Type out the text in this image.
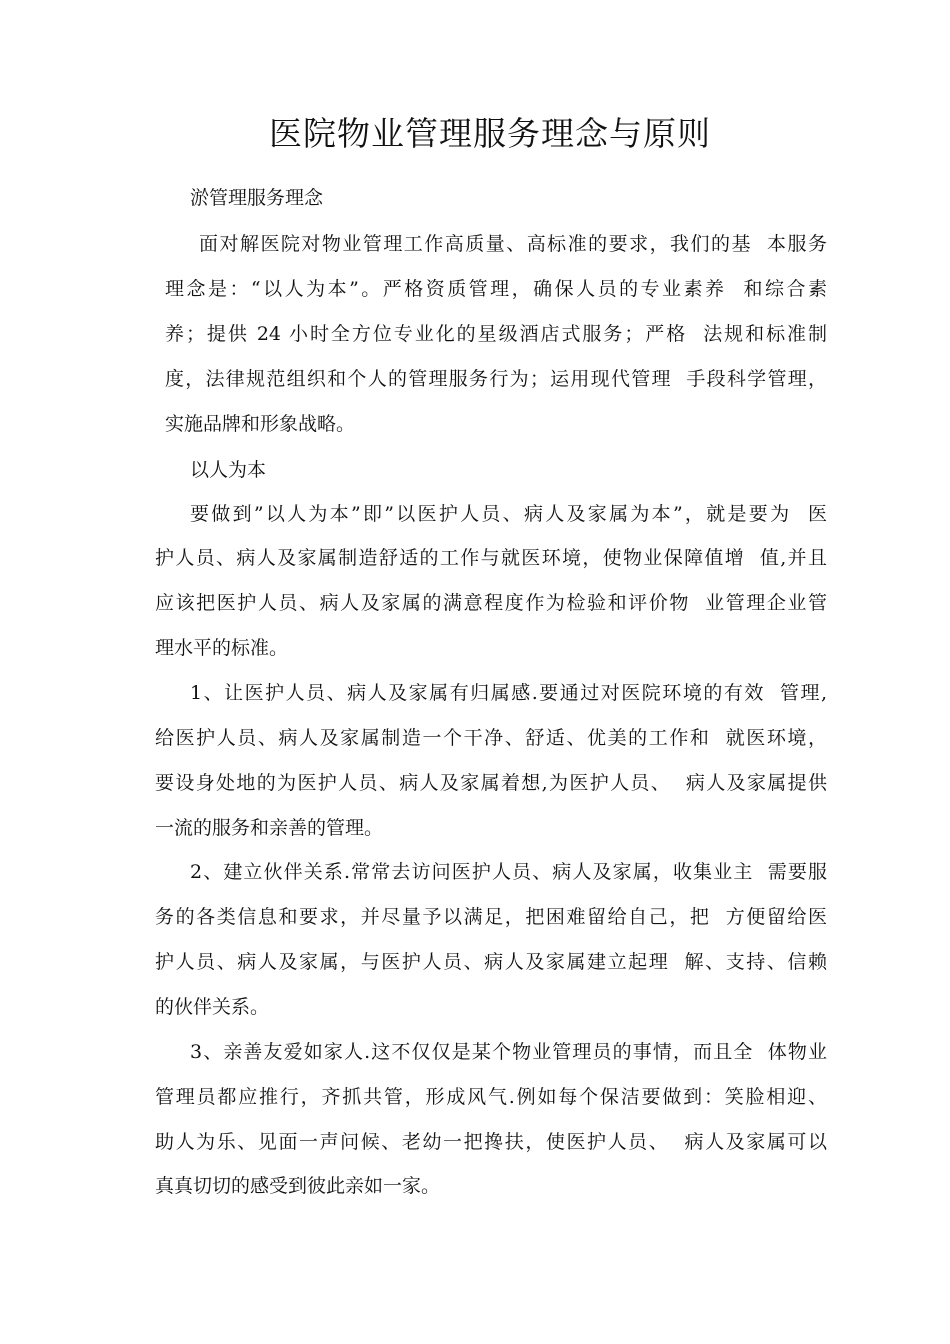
医院物业管理服务理念与原则

淤管理服务理念

面对解医院对物业管理工作高质量、高标准的要求，我们的基  本服务

理念是：“以人为本”。严格资质管理，确保人员的专业素养  和综合素

养；提供 24 小时全方位专业化的星级酒店式服务；严格  法规和标准制

度，法律规范组织和个人的管理服务行为；运用现代管理  手段科学管理，

实施品牌和形象战略。

以人为本

要做到”以人为本”即”以医护人员、病人及家属为本”，就是要为  医

护人员、病人及家属制造舒适的工作与就医环境，使物业保障值增  值,并且

应该把医护人员、病人及家属的满意程度作为检验和评价物  业管理企业管

理水平的标准。

1、让医护人员、病人及家属有归属感.要通过对医院环境的有效  管理,

给医护人员、病人及家属制造一个干净、舒适、优美的工作和  就医环境，

要设身处地的为医护人员、病人及家属着想,为医护人员、  病人及家属提供

一流的服务和亲善的管理。

2、建立伙伴关系.常常去访问医护人员、病人及家属，收集业主  需要服

务的各类信息和要求，并尽量予以满足，把困难留给自己，把  方便留给医

护人员、病人及家属，与医护人员、病人及家属建立起理  解、支持、信赖

的伙伴关系。

3、亲善友爱如家人.这不仅仅是某个物业管理员的事情，而且全  体物业

管理员都应推行，齐抓共管，形成风气.例如每个保洁要做到：笑脸相迎、

助人为乐、见面一声问候、老幼一把搀扶，使医护人员、  病人及家属可以

真真切切的感受到彼此亲如一家。
